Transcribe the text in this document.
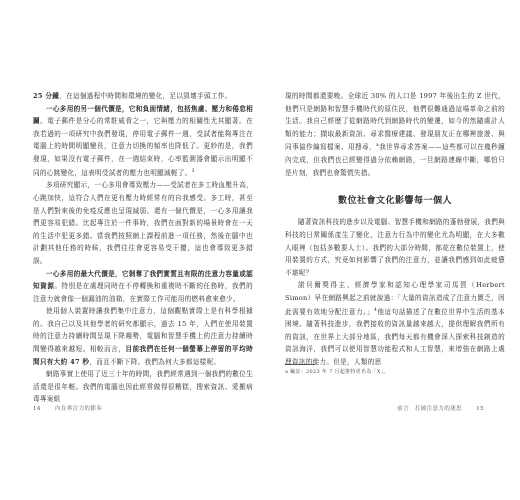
25 分鐘，在這個過程中時間和環境的變化，足以毀壞手頭工作。

一心多用的另一個代價是，它和負面情緒，包括焦慮、壓力和倦怠相關。電子郵件是分心的常駐威脅之一，它與壓力的相關性尤其顯著。在我若過的一項研究中我們發現，停用電子郵件一週，受試者能夠專注在電腦上的時間明顯變長，注意力切換的頻率也降低了。更妙的是，我們發現，如果沒有電子郵件，在一週結束時，心率監測器會顯示出明顯不同的心跳變化，這表明受試者的壓力也明顯減輕了。$^3$

多項研究顯示，一心多用會導致壓力——受試者在多工時血壓升高，心跳加快，這符合人們在更有壓力時經常有的自我感受。多工時，甚至是人們對來後的免疫反應也呈現減弱。還有一個代價是，一心多用讓我們更容易犯錯。比起專注於一件事時，我們在面對新的場景時會在一天的生活中犯更多錯。當我們按照網上課程前進一項任務，然後在腦中也計劃其他任務的時候，我們往往會更容易受干擾，這也會導致更多錯誤。

一心多用的最大代價是，它剝奪了我們實質且有限的注意力容量或認知資源。特別是在處理同時在不停轉換和重複時不斷的任務時，我們的注意力就會像一個漏油的油箱，在實際工作可能用的燃料愈來愈少。

使用個人裝置時讓我們集中注意力，這個觀點實際上是有科學根據的。我自己以及其他學者的研究都顯示，過去 15 年，人們在使用裝置時的注意力持續時間呈現下降趨勢，電腦和智慧手機上的注意力持續時間變得越來越短。相較而言，目前我們在任何一個螢幕上停留的平均時間只有大約 47 秒，而且不斷下降。我們為何大多都這樣呢。

網路事實上使用了近三十年的時間，我們經常遇到一個我們的數位生活還是很年輕。我們的電腦也因此經常做得很糟糕，搜索資訊、愛搬病毒專案組

現的時間都還要晚。全球近 30% 的人口是 1997 年後出生的 Z 世代，他們只是網路和智慧手機時代的原住民，他們很難通過這場革命之前的生活。我自己經歷了從網路時代到網路時代的變遷，如今的然隨處計人類的能力；擷取最新資訊、尋求醫療建議、發現朋友正在哪裡旅遊、與同事協作編寫檔案、用搜尋，$^a$我世界尋求答案——這些都可以在幾秒鐘內完成，但我們也已經變得過分依賴網路，一旦網路連線中斷，哪怕只是片刻，我們也會驚慌失措。

數位社會文化影響每一個人

隨著資訊科技的進步以及電腦、智慧手機和網路的蓬勃發展，我們與科技的日常關係產生了變化，注意力行為中的變化尤為明顯，在大多數人眼裡（包括多數要人士）。我們的大部分時間，都花在數位裝置上，使用裝置的方式，究竟如何影響了我們的注意力，並讓我們感到如此疲憊不堪呢？

諾貝爾獎得主、經濟學家和認知心理學家司馬賀（Herbert Simon）早在網路興起之前就說過：「大量的資訊造成了注意力匱乏，因此需要有效地分配注意力。」$^4$他這句話描述了在數位世界中生活的基本困境。隨著科技進步，我們接收的資訊量越來越大，提供理解我們所有的資訊，在世界上大部分地區，我們每天都有機會深入探索科技創造的資訊海洋，我們可以使用智慧功能程式和人工智慧，來增強在網路上處理資訊的能力。但是，人類的思

a 編註：2023 年 7 月起推特更名為「X」。
14	內在專注力的節奏	前言　打破注意力的迷思	15
